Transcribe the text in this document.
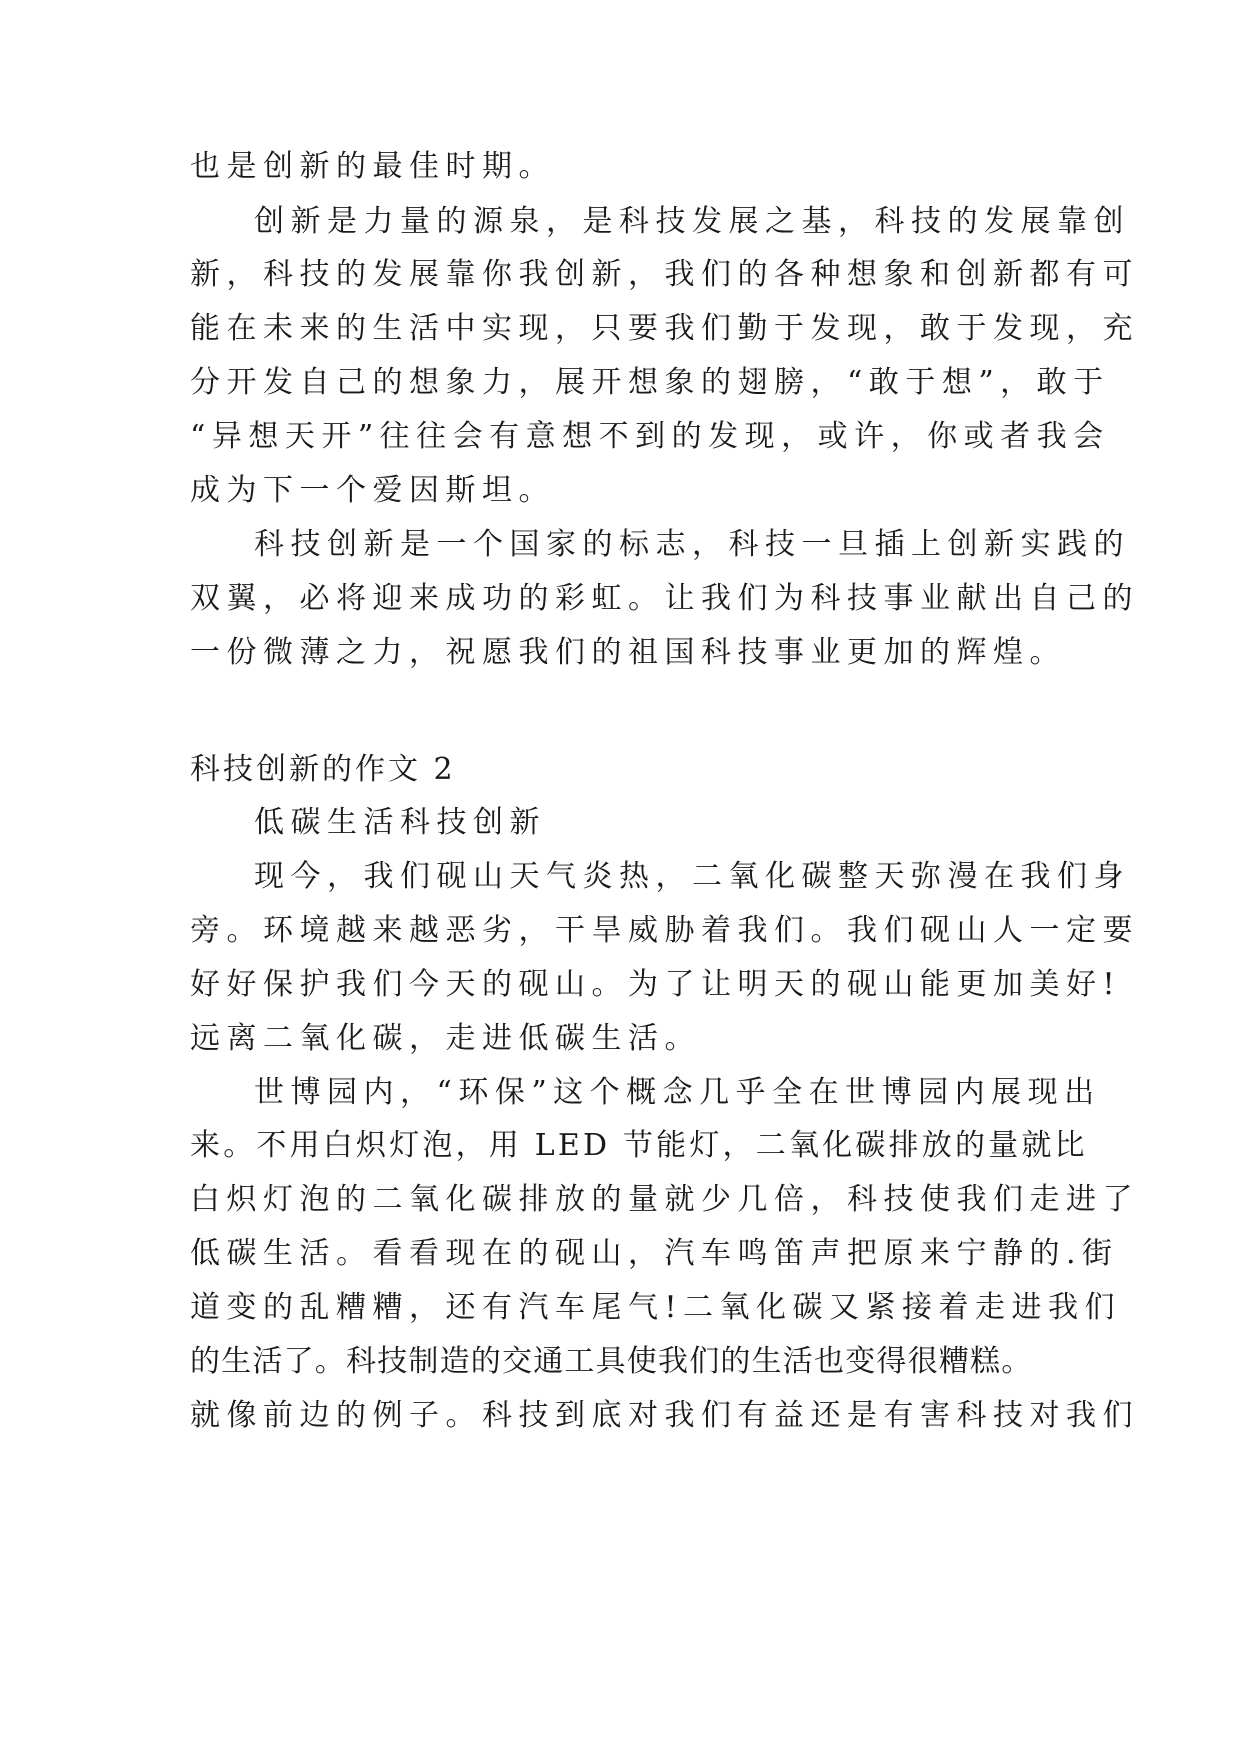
也是创新的最佳时期。
创新是力量的源泉，是科技发展之基，科技的发展靠创
新，科技的发展靠你我创新，我们的各种想象和创新都有可
能在未来的生活中实现，只要我们勤于发现，敢于发现，充
分开发自己的想象力，展开想象的翅膀，“敢于想”，敢于
“异想天开”往往会有意想不到的发现，或许，你或者我会
成为下一个爱因斯坦。
科技创新是一个国家的标志，科技一旦插上创新实践的
双翼，必将迎来成功的彩虹。让我们为科技事业献出自己的
一份微薄之力，祝愿我们的祖国科技事业更加的辉煌。
科技创新的作文 2
低碳生活科技创新
现今，我们砚山天气炎热，二氧化碳整天弥漫在我们身
旁。环境越来越恶劣，干旱威胁着我们。我们砚山人一定要
好好保护我们今天的砚山。为了让明天的砚山能更加美好!
远离二氧化碳，走进低碳生活。
世博园内，“环保”这个概念几乎全在世博园内展现出
来。不用白炽灯泡，用 LED 节能灯，二氧化碳排放的量就比
白炽灯泡的二氧化碳排放的量就少几倍，科技使我们走进了
低碳生活。看看现在的砚山，汽车鸣笛声把原来宁静的.街
道变的乱糟糟，还有汽车尾气!二氧化碳又紧接着走进我们
的生活了。科技制造的交通工具使我们的生活也变得很糟糕。
就像前边的例子。科技到底对我们有益还是有害科技对我们
